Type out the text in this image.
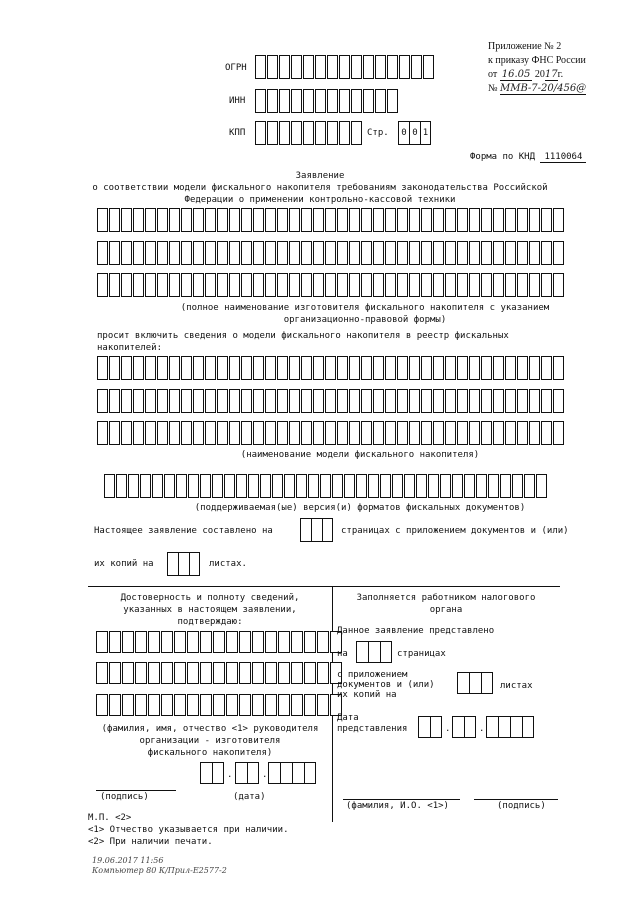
Приложение № 2
к приказу ФНС России
от 16.05 2017г.
№ ММВ-7-20/456@
ОГРН
ИНН
КПП	Стр.	0 0 1
Форма по КНД 1110064
Заявление
о соответствии модели фискального накопителя требованиям законодательства Российской
Федерации о применении контрольно-кассовой техники
(полное наименование изготовителя фискального накопителя с указанием
организационно-правовой формы)
просит включить сведения о модели фискального накопителя в реестр фискальных
накопителей:
(наименование модели фискального накопителя)
(поддерживаемая(ые) версия(и) форматов фискальных документов)
Настоящее заявление составлено на	страницах с приложением документов и (или)
их копий на	листах.
Достоверность и полноту сведений,
указанных в настоящем заявлении,
подтверждаю:
(фамилия, имя, отчество <1> руководителя
организации - изготовителя
фискального накопителя)
.	.
(подпись)	(дата)
Заполняется работником налогового
органа
Данное заявление представлено
на	страницах
с приложением
документов и (или)
их копий на
листах
Дата
представления	.	.
(фамилия, И.О. <1>)	(подпись)
М.П. <2>
<1> Отчество указывается при наличии.
<2> При наличии печати.
19.06.2017 11:56
Компьютер 80 К/Прил-Е2577-2
